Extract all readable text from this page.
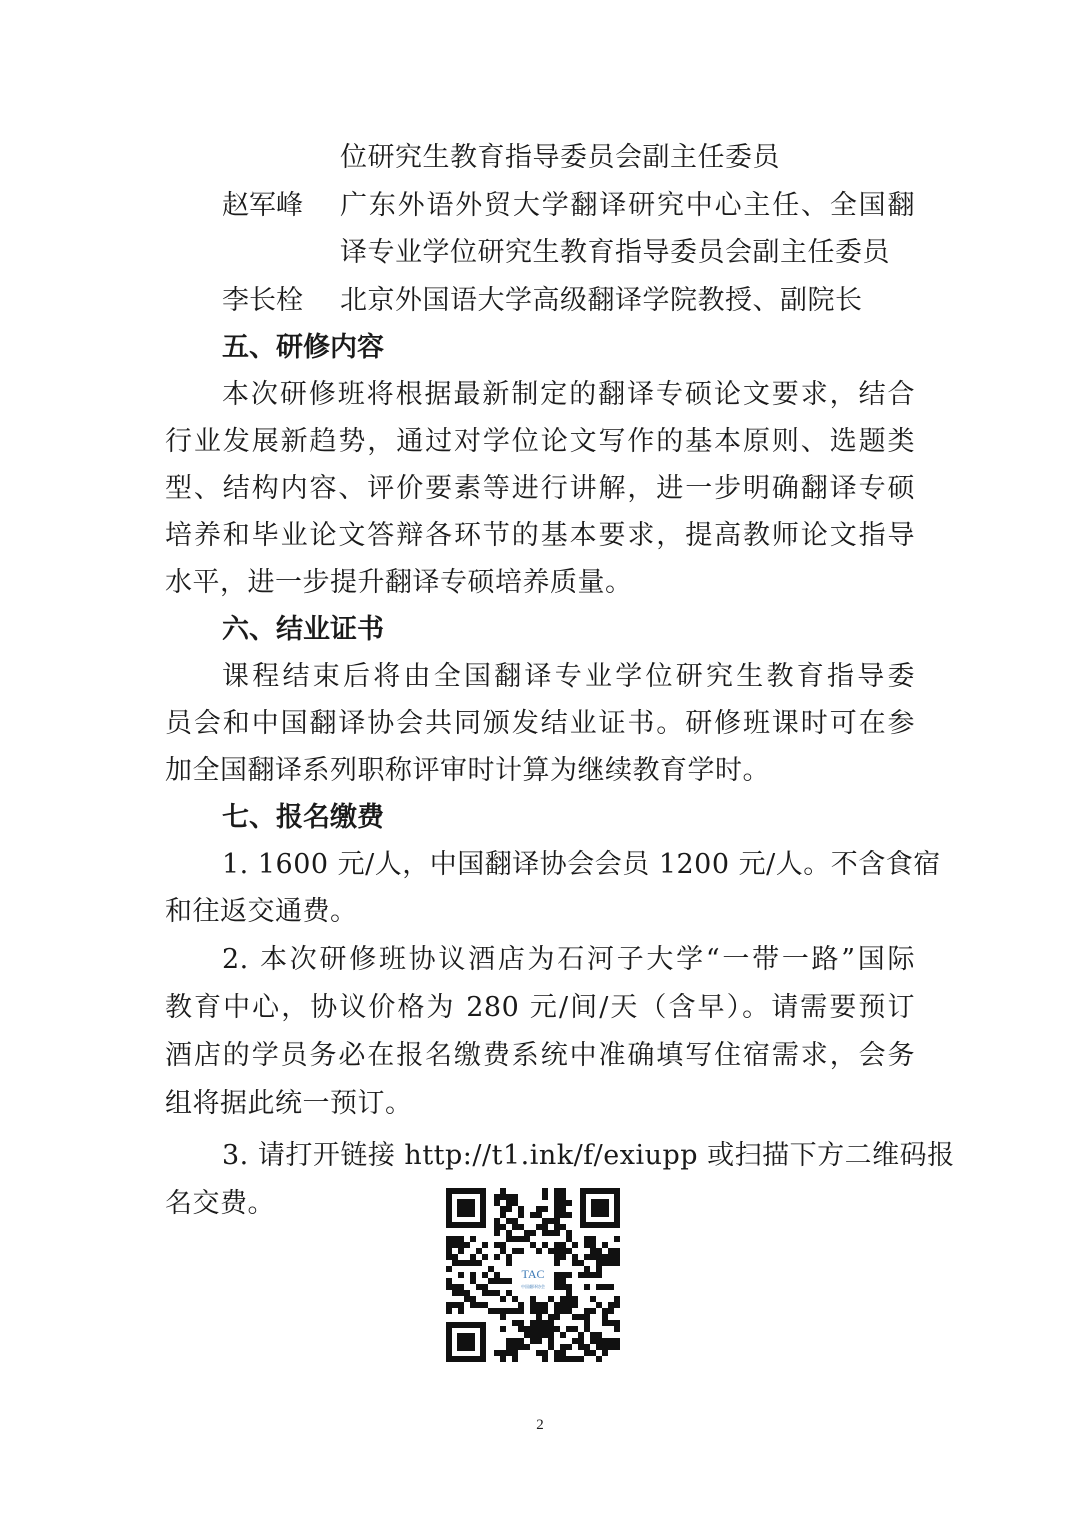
位研究生教育指导委员会副主任委员
赵军峰 广东外语外贸大学翻译研究中心主任、全国翻
译专业学位研究生教育指导委员会副主任委员
李长栓 北京外国语大学高级翻译学院教授、副院长
五、研修内容
本次研修班将根据最新制定的翻译专硕论文要求，结合
行业发展新趋势，通过对学位论文写作的基本原则、选题类
型、结构内容、评价要素等进行讲解，进一步明确翻译专硕
培养和毕业论文答辩各环节的基本要求，提高教师论文指导
水平，进一步提升翻译专硕培养质量。
六、结业证书
课程结束后将由全国翻译专业学位研究生教育指导委
员会和中国翻译协会共同颁发结业证书。研修班课时可在参
加全国翻译系列职称评审时计算为继续教育学时。
七、报名缴费
1. 1600 元/人，中国翻译协会会员 1200 元/人。不含食宿
和往返交通费。
2. 本次研修班协议酒店为石河子大学“一带一路”国际
教育中心，协议价格为 280 元/间/天（含早）。请需要预订
酒店的学员务必在报名缴费系统中准确填写住宿需求，会务
组将据此统一预订。
3. 请打开链接 http://t1.ink/f/exiupp 或扫描下方二维码报
名交费。
TAC
中国翻译协会
2
